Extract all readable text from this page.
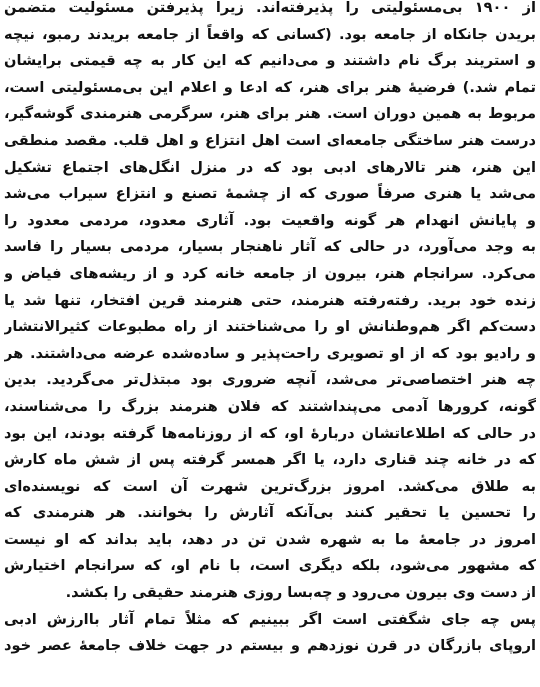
از ۱۹۰۰ بی‌مسئولیتی را پذیرفته‌اند. زیرا پذیرفتن مسئولیت متضمن
بریدن جانکاه از جامعه بود. (کسانی که واقعاً از جامعه بریدند رمبو، نیچه
و استریند برگ نام داشتند و می‌دانیم که این کار به چه قیمتی برایشان
تمام شد.) فرضیهٔ هنر برای هنر، که ادعا و اعلام این بی‌مسئولیتی است،
مربوط به همین دوران است. هنر برای هنر، سرگرمی هنرمندی گوشه‌گیر،
درست هنر ساختگی جامعه‌ای است اهل انتزاع و اهل قلب. مقصد منطقی
این هنر، هنر تالارهای ادبی بود که در منزل انگل‌های اجتماع تشکیل
می‌شد یا هنری صرفاً صوری که از چشمهٔ تصنع و انتزاع سیراب می‌شد
و پایانش انهدام هر گونه واقعیت بود. آثاری معدود، مردمی معدود را
به وجد می‌آورد، در حالی که آثار ناهنجار بسیار، مردمی بسیار را فاسد
می‌کرد. سرانجام هنر، بیرون از جامعه خانه کرد و از ریشه‌های فیاض و
زنده خود برید. رفته‌رفته هنرمند، حتی هنرمند قرین افتخار، تنها شد یا
دست‌کم اگر هم‌وطنانش او را می‌شناختند از راه مطبوعات کثیرالانتشار
و رادیو بود که از او تصویری راحت‌پذیر و ساده‌شده عرضه می‌داشتند. هر
چه هنر اختصاصی‌تر می‌شد، آنچه ضروری بود مبتذل‌تر می‌گردید. بدین
گونه، کرورها آدمی می‌پنداشتند که فلان هنرمند بزرگ را می‌شناسند،
در حالی که اطلاعاتشان دربارهٔ او، که از روزنامه‌ها گرفته بودند، این بود
که در خانه چند قناری دارد، یا اگر همسر گرفته پس از شش ماه کارش
به طلاق می‌کشد. امروز بزرگ‌ترین شهرت آن است که نویسنده‌ای
را تحسین یا تحقیر کنند بی‌آنکه آثارش را بخوانند. هر هنرمندی که
امروز در جامعهٔ ما به شهره شدن تن در دهد، باید بداند که او نیست
که مشهور می‌شود، بلکه دیگری است، با نام او، که سرانجام اختیارش
از دست وی بیرون می‌رود و چه‌بسا روزی هنرمند حقیقی را بکشد.
پس چه جای شگفتی است اگر ببینیم که مثلاً تمام آثار باارزش ادبی
اروپای بازرگان در قرن نوزدهم و بیستم در جهت خلاف جامعهٔ عصر خود
